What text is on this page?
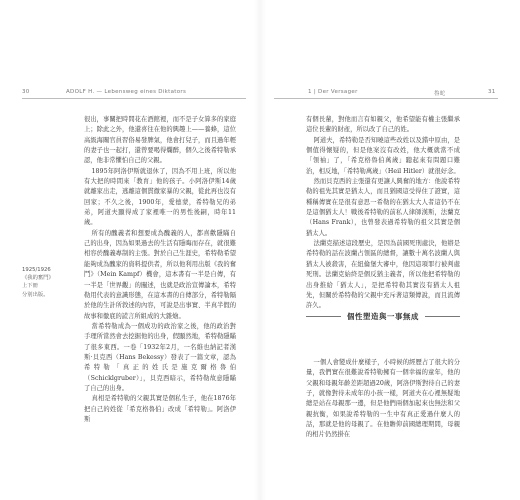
30	ADOLF H. — Lebensweg eines Diktators
1925/1926
《我的奮鬥》
上下冊
分別出版。

很出，事關把時間花在酒館裡，而不是子女算多的家庭上；除此之外，他還喜往在他的興趣上——養蜂，這位高級海關官員習俗易發脾氣，他會打兒子，而且過年輕的妻子也一起打，還曾要喝得爛醉，個久之後希特勒承認，他非常懼怕自己的父親。

1895年阿洛伊斯就退休了，因為不用上班，所以他有大把的時間來「教育」他的孩子。小阿洛伊斯14歲就離家出走，逃離這個貫徹家暴的父親，從此再也沒有回家；不久之後，1900年，愛德蒙，希特勒兄的弟弟，阿道夫顯得成了家裡唯一的男性後嗣，時年11歲。

所有的醜義者和想要成為醜義的人，都喜歡隱瞞自己的出身，因為如果過去的生活有隱晦而存在，就很難相容於醜義專制的主張。對於自己生涯史，希特勒希望能夠成為醜家的資料提供者，所以他利用出版《我的奮鬥》（Mein Kampf）機會，這本書有一半是自傳，有一半是「世界觀」的闡述，也就是政治宣傳論本，希特勒用代表的意識形態，在這本書的自傳部分，希特勒隔於他的生計所敘述的內容，可說是出事實、半真半假的故事和徹底的謊言所組成的大雜燴。

當希特勒成為一個成功的政治家之後，他的政治對手理所當然會去挖掘他的出身，假顯然地，希特勒隱瞞了很多東西。一卷「1932年2月，一名維也納記者漢斯·貝克西（Hans Bekessy）發表了一篇文章，認為希特勒「真正的姓氏是施克爾格魯伯（Schicklgruber）」，貝克西暗示，希特勒故意隱瞞了自己的出身。

真相是希特勒的父親其實是個私生子，他在1876年把自己的姓從「希克格魯伯」改成「希特勒」。阿洛伊斯

1 | Der Versager	魯蛇	31

有個長輩，對他而言有如親父，他希望能有權主張繼承這位長輩的財產，所以改了自己的姓。

阿道夫，希特勒是否知曉這些改姓以及錯中原由，是個值得懷疑的，但是他案沒有改姓，他大概就當不成「領袖」了，「希克格魯伯萬歲」聽起來有問題口難治，相反地，「希特勒萬歲」（Heil Hitler）就很好念。

然而貝克西的主張還有更讓人興奮的地方：他說希特勒的祖先其實是猶太人，而且猶國這受得住了證實，這種稱傳實在是很有意思一希勒的在猶太大人者這仍不在是這個猶太人！戰後希特勒的前私人律師漢斯，法蘭克（Hans Frank），也曾發表過希特勒的祖父其實是個猶太人。

法蘭克描述這段歷史，是因為前國死刑處決，他辯是希特勒的話在波蘭占領區的總督，讓數十萬名波蘭人與猶太人被殺害，在紐倫堡大審中，他因這項罪行被判處死刑。法蘭克始終是個反猶主義者，所以他把希特勒的出身推給「猶太人」，是把希特勒其實沒有猶太人祖先，但關於希特勒的父親中充斥著這類傳說，而且流傳許久。

個性塑造與一事無成

一個人會變成什麼樣子，小時候的經歷占了很大的分量，我們實在很難說希特勒擁有一個幸福的童年，他的父親和母親年齡差距超過20歲，阿洛伊斯對待自己的妻子，就像對待未成年的小孩一樣，阿道夫在心裡無疑地總是站在母親那一邊，但是他們兩個加起來也無法和父親抗衡，如果說希特勒的一生中有真正愛過什麼人的話，那就是他的母親了。在他瞻仰前國總理期間，母親的相片仍然掛在
